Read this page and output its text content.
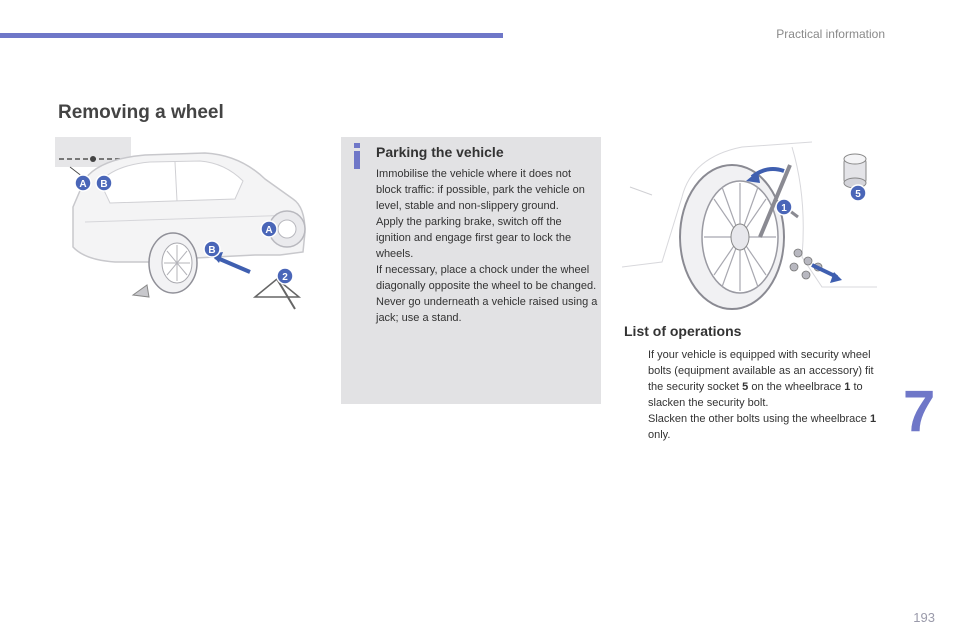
Practical information
Removing a wheel
A B
A
B
2
Parking the vehicle

Immobilise the vehicle where it does not block traffic: if possible, park the vehicle on level, stable and non-slippery ground.

Apply the parking brake, switch off the ignition and engage first gear to lock the wheels.

If necessary, place a chock under the wheel diagonally opposite the wheel to be changed.

Never go underneath a vehicle raised using a jack; use a stand.

1
5
List of operations
If your vehicle is equipped with security wheel bolts (equipment available as an accessory) fit the security socket 5 on the wheelbrace 1 to slacken the security bolt.
Slacken the other bolts using the wheelbrace 1 only.	7
193
